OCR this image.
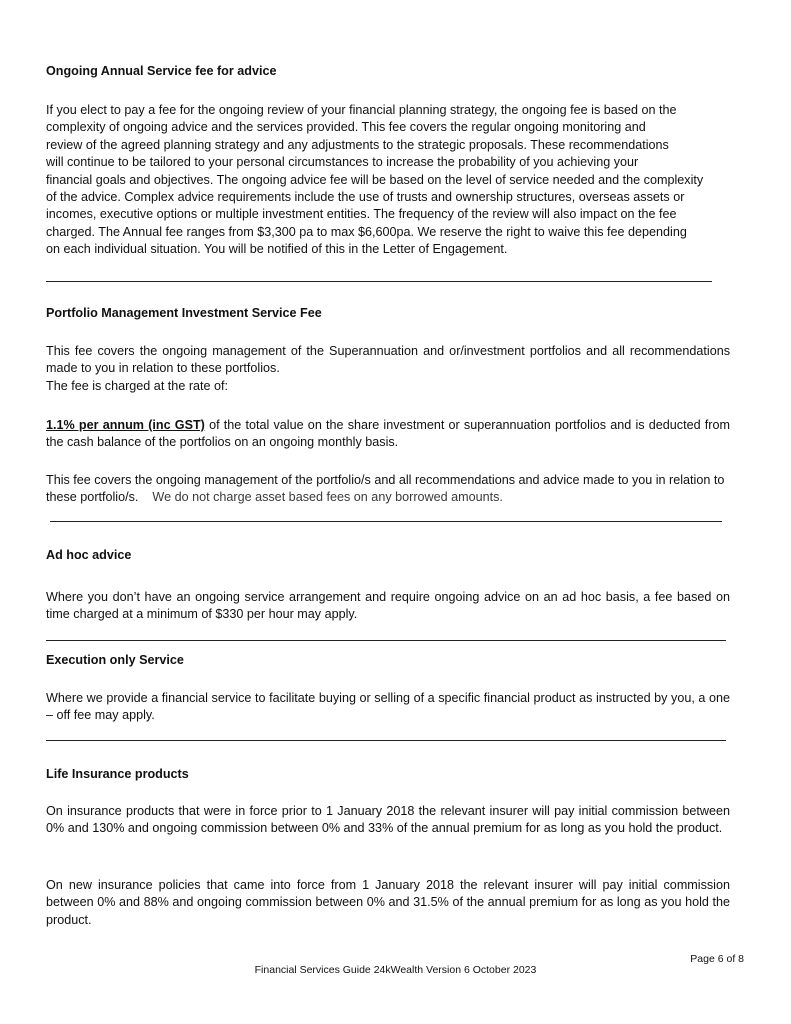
Ongoing Annual Service fee for advice

If you elect to pay a fee for the ongoing review of your financial planning strategy, the ongoing fee is based on the
complexity of ongoing advice and the services provided. This fee covers the regular ongoing monitoring and
review of the agreed planning strategy and any adjustments to the strategic proposals. These recommendations
will continue to be tailored to your personal circumstances to increase the probability of you achieving your
financial goals and objectives. The ongoing advice fee will be based on the level of service needed and the complexity
of the advice. Complex advice requirements include the use of trusts and ownership structures, overseas assets or
incomes, executive options or multiple investment entities. The frequency of the review will also impact on the fee
charged. The Annual fee ranges from $3,300 pa to max $6,600pa. We reserve the right to waive this fee depending
on each individual situation. You will be notified of this in the Letter of Engagement.

Portfolio Management Investment Service Fee

This fee covers the ongoing management of the Superannuation and or/investment portfolios and all recommendations made to you in relation to these portfolios.

The fee is charged at the rate of:

1.1% per annum (inc GST) of the total value on the share investment or superannuation portfolios and is deducted from the cash balance of the portfolios on an ongoing monthly basis.

This fee covers the ongoing management of the portfolio/s and all recommendations and advice made to you in relation to these portfolio/s. We do not charge asset based fees on any borrowed amounts.

Ad hoc advice

Where you don’t have an ongoing service arrangement and require ongoing advice on an ad hoc basis, a fee based on time charged at a minimum of $330 per hour may apply.

Execution only Service

Where we provide a financial service to facilitate buying or selling of a specific financial product as instructed by you, a one – off fee may apply.

Life Insurance products

On insurance products that were in force prior to 1 January 2018 the relevant insurer will pay initial commission between 0% and 130% and ongoing commission between 0% and 33% of the annual premium for as long as you hold the product.

On new insurance policies that came into force from 1 January 2018 the relevant insurer will pay initial commission between 0% and 88% and ongoing commission between 0% and 31.5% of the annual premium for as long as you hold the product.

Page 6 of 8

Financial Services Guide 24kWealth Version 6 October 2023
